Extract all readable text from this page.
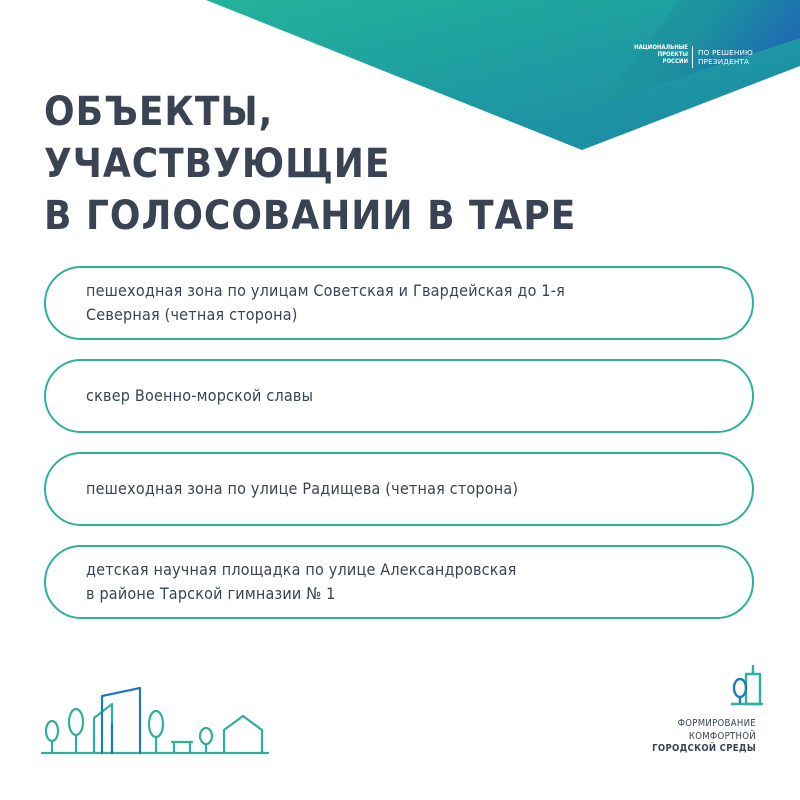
НАЦИОНАЛЬНЫЕ
ПРОЕКТЫ
РОССИИ
ПО РЕШЕНИЮ
ПРЕЗИДЕНТА
ОБЪЕКТЫ,
УЧАСТВУЮЩИЕ
В ГОЛОСОВАНИИ В ТАРЕ
пешеходная зона по улицам Советская и Гвардейская до 1-я
Северная (четная сторона)
сквер Военно-морской славы
пешеходная зона по улице Радищева (четная сторона)
детская научная площадка по улице Александровская
в районе Тарской гимназии № 1
ФОРМИРОВАНИЕ
КОМФОРТНОЙ
ГОРОДСКОЙ СРЕДЫ
